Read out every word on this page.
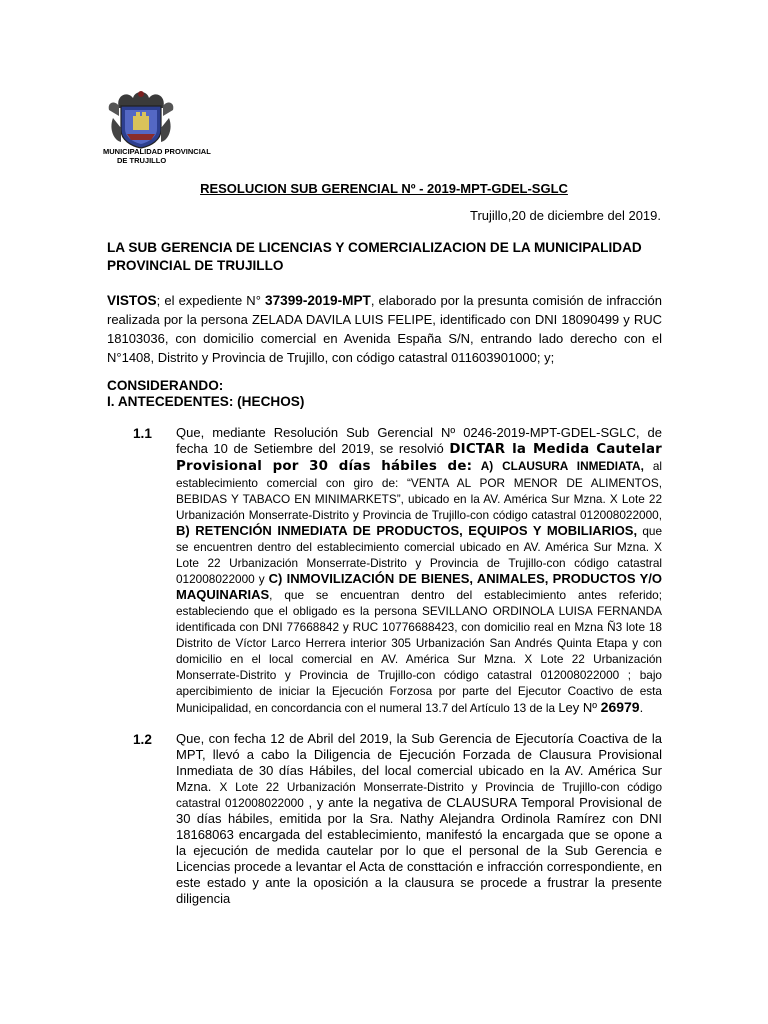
MUNICIPALIDAD PROVINCIAL
DE TRUJILLO
RESOLUCION SUB GERENCIAL Nº - 2019-MPT-GDEL-SGLC
Trujillo,20 de diciembre del 2019.
LA SUB GERENCIA DE LICENCIAS Y COMERCIALIZACION DE LA MUNICIPALIDAD PROVINCIAL DE TRUJILLO
VISTOS; el expediente N° 37399-2019-MPT, elaborado por la presunta comisión de infracción realizada por la persona ZELADA DAVILA LUIS FELIPE, identificado con DNI 18090499 y RUC 18103036, con domicilio comercial en Avenida España S/N, entrando lado derecho con el N°1408, Distrito y Provincia de Trujillo, con código catastral 011603901000; y;
CONSIDERANDO:
I. ANTECEDENTES: (HECHOS)
1.1 Que, mediante Resolución Sub Gerencial Nº 0246-2019-MPT-GDEL-SGLC, de fecha 10 de Setiembre del 2019, se resolvió DICTAR la Medida Cautelar Provisional por 30 días hábiles de: A) CLAUSURA INMEDIATA, al establecimiento comercial con giro de: “VENTA AL POR MENOR DE ALIMENTOS, BEBIDAS Y TABACO EN MINIMARKETS”, ubicado en la AV. América Sur Mzna. X Lote 22 Urbanización Monserrate-Distrito y Provincia de Trujillo-con código catastral 012008022000, B) RETENCIÓN INMEDIATA DE PRODUCTOS, EQUIPOS Y MOBILIARIOS, que se encuentren dentro del establecimiento comercial ubicado en AV. América Sur Mzna. X Lote 22 Urbanización Monserrate-Distrito y Provincia de Trujillo-con código catastral 012008022000 y C) INMOVILIZACIÓN DE BIENES, ANIMALES, PRODUCTOS Y/O MAQUINARIAS, que se encuentran dentro del establecimiento antes referido; estableciendo que el obligado es la persona SEVILLANO ORDINOLA LUISA FERNANDA identificada con DNI 77668842 y RUC 10776688423, con domicilio real en Mzna Ñ3 lote 18 Distrito de Víctor Larco Herrera interior 305 Urbanización San Andrés Quinta Etapa y con domicilio en el local comercial en AV. América Sur Mzna. X Lote 22 Urbanización Monserrate-Distrito y Provincia de Trujillo-con código catastral 012008022000 ; bajo apercibimiento de iniciar la Ejecución Forzosa por parte del Ejecutor Coactivo de esta Municipalidad, en concordancia con el numeral 13.7 del Artículo 13 de la Ley Nº 26979.
1.2 Que, con fecha 12 de Abril del 2019, la Sub Gerencia de Ejecutoría Coactiva de la MPT, llevó a cabo la Diligencia de Ejecución Forzada de Clausura Provisional Inmediata de 30 días Hábiles, del local comercial ubicado en la AV. América Sur Mzna. X Lote 22 Urbanización Monserrate-Distrito y Provincia de Trujillo-con código catastral 012008022000 , y ante la negativa de CLAUSURA Temporal Provisional de 30 días hábiles, emitida por la Sra. Nathy Alejandra Ordinola Ramírez con DNI 18168063 encargada del establecimiento, manifestó la encargada que se opone a la ejecución de medida cautelar por lo que el personal de la Sub Gerencia e Licencias procede a levantar el Acta de consttación e infracción correspondiente, en este estado y ante la oposición a la clausura se procede a frustrar la presente diligencia
